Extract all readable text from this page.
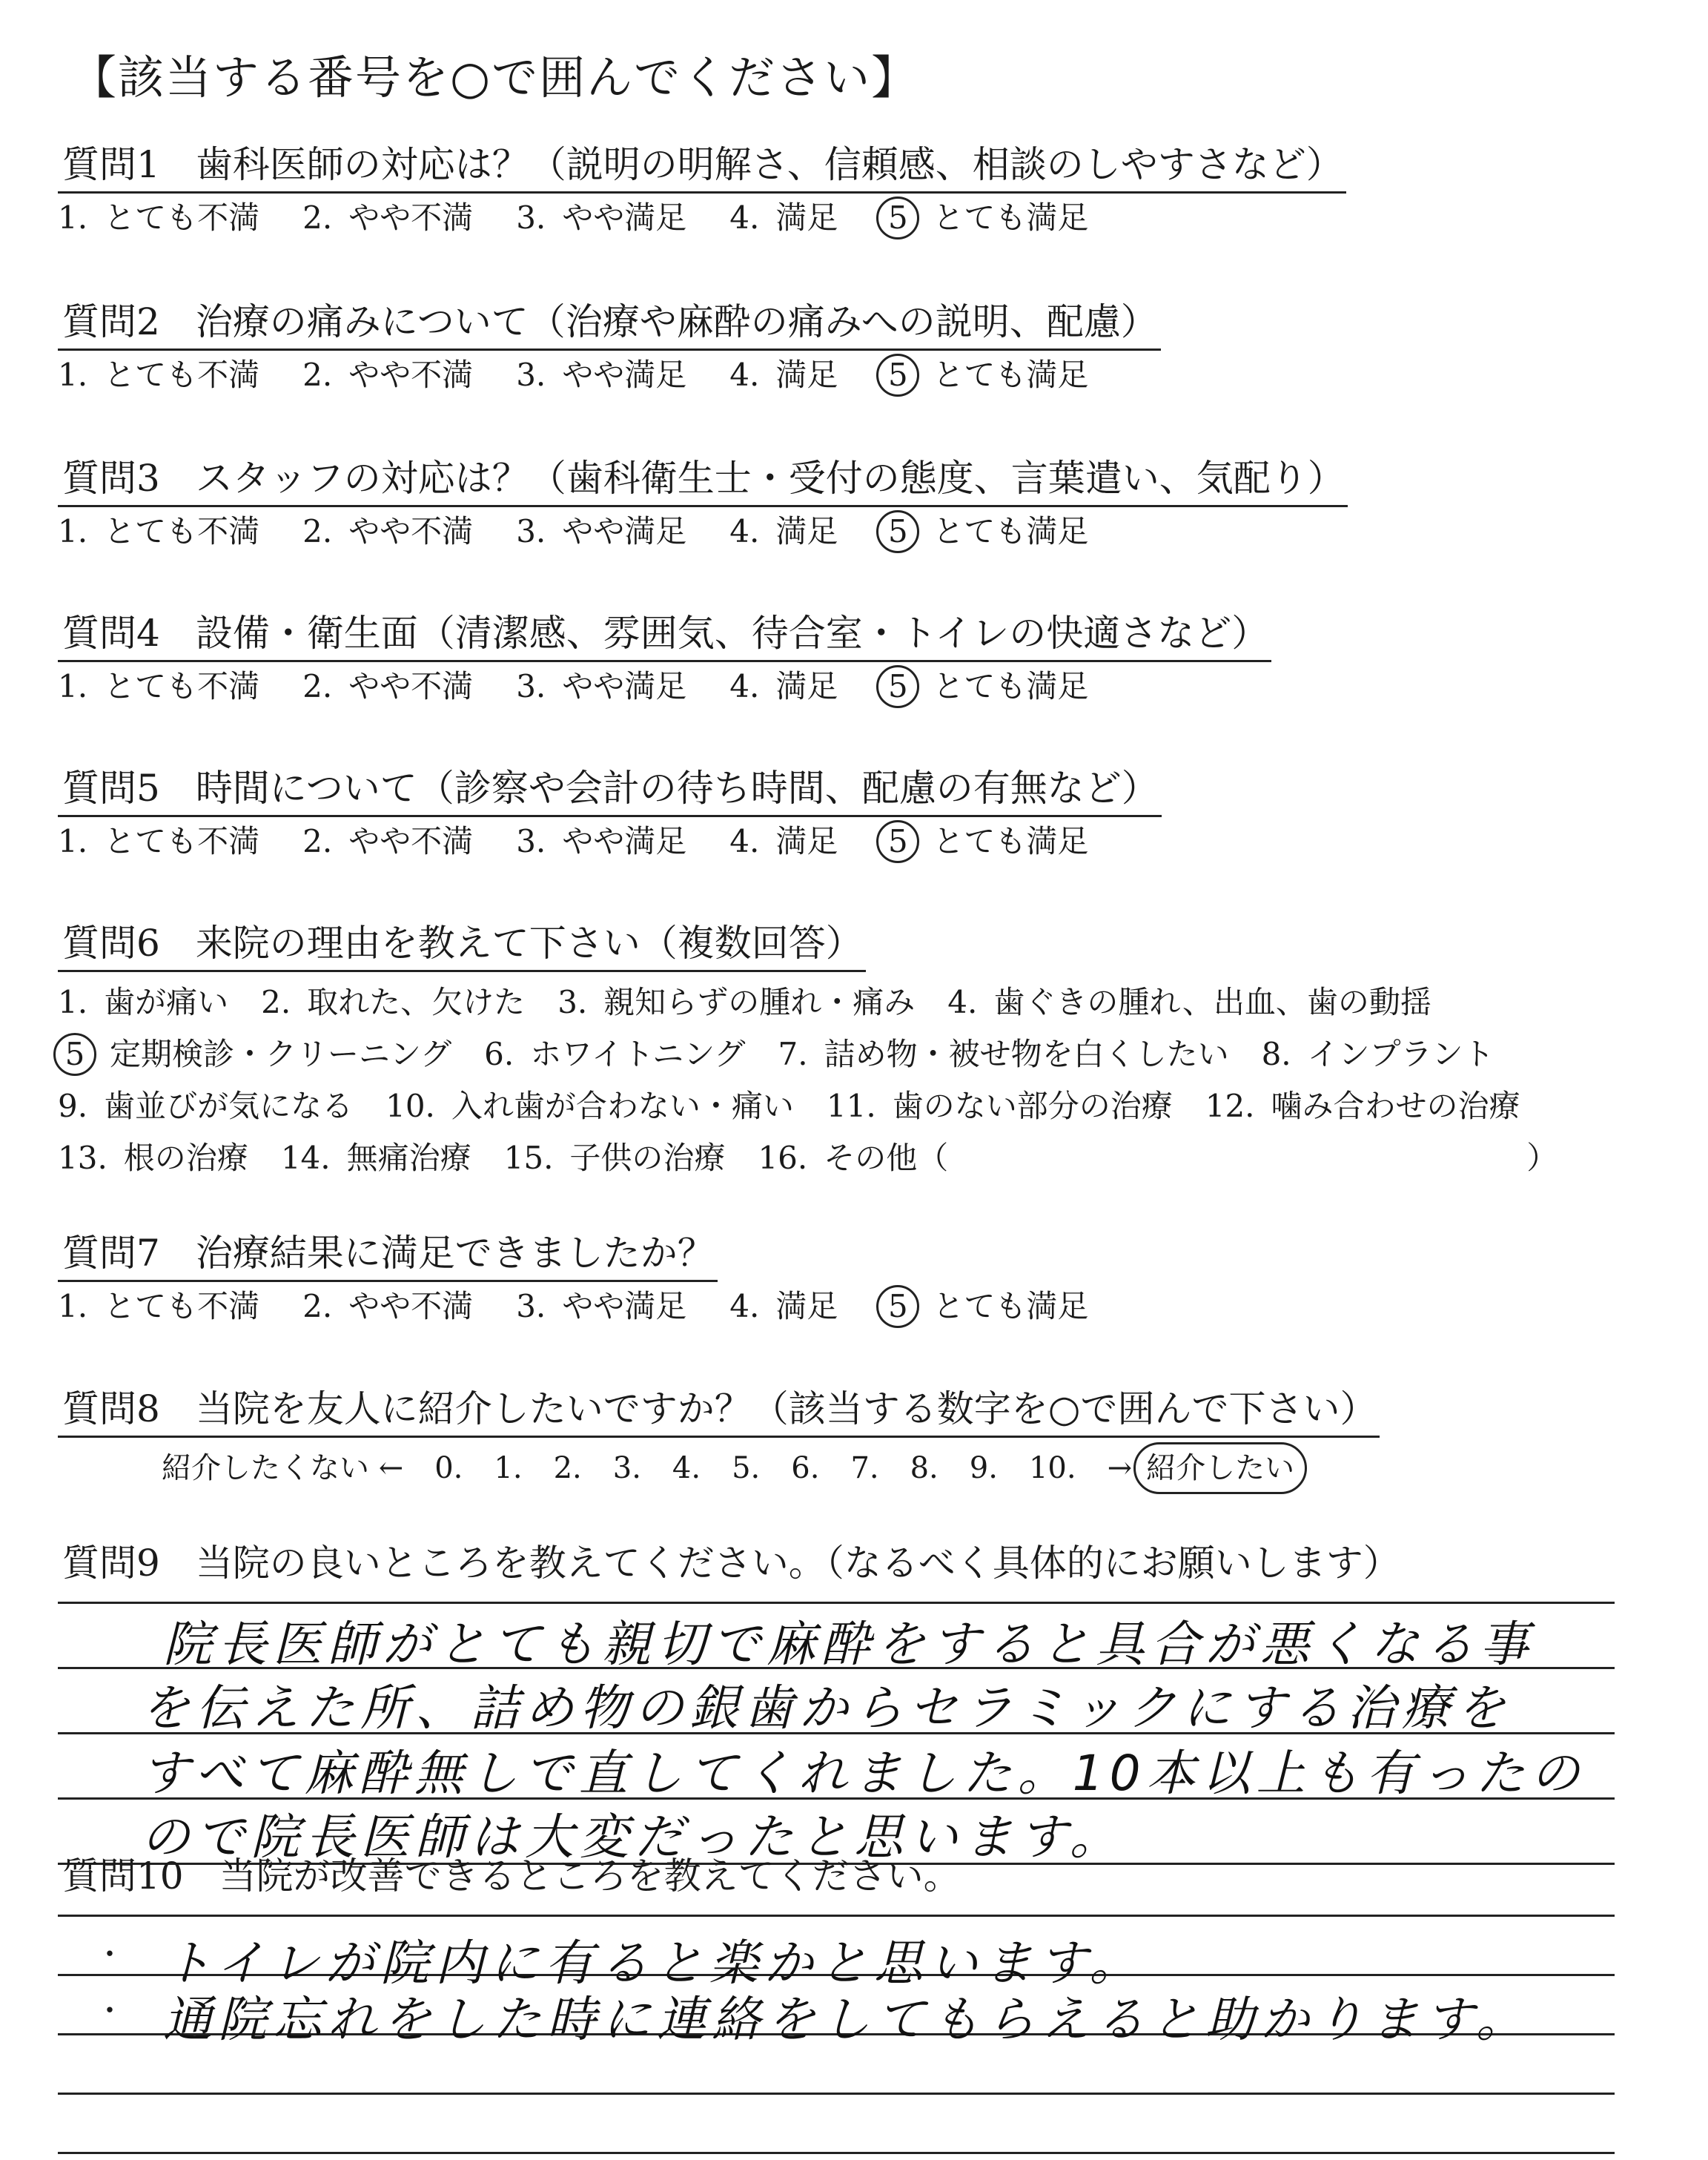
【該当する番号を○で囲んでください】
質問1 歯科医師の対応は？（説明の明解さ、信頼感、相談のしやすさなど）
1. とても不満 2. やや不満 3. やや満足 4. 満足	5 とても満足
質問2 治療の痛みについて（治療や麻酔の痛みへの説明、配慮）
1. とても不満 2. やや不満 3. やや満足 4. 満足	5 とても満足
質問3 スタッフの対応は？（歯科衛生士・受付の態度、言葉遣い、気配り）
1. とても不満 2. やや不満 3. やや満足 4. 満足	5 とても満足
質問4 設備・衛生面（清潔感、雰囲気、待合室・トイレの快適さなど）
1. とても不満 2. やや不満 3. やや満足 4. 満足	5 とても満足
質問5 時間について（診察や会計の待ち時間、配慮の有無など）
1. とても不満 2. やや不満 3. やや満足 4. 満足	5 とても満足
質問6 来院の理由を教えて下さい（複数回答）
1. 歯が痛い 2. 取れた、欠けた 3. 親知らずの腫れ・痛み 4. 歯ぐきの腫れ、出血、歯の動揺
5 定期検診・クリーニング 6. ホワイトニング 7. 詰め物・被せ物を白くしたい 8. インプラント
9. 歯並びが気になる 10. 入れ歯が合わない・痛い 11. 歯のない部分の治療 12. 噛み合わせの治療
13. 根の治療 14. 無痛治療 15. 子供の治療 16. その他（	）
質問7 治療結果に満足できましたか？
1. とても不満 2. やや不満 3. やや満足 4. 満足	5 とても満足
質問8 当院を友人に紹介したいですか？（該当する数字を○で囲んで下さい）
紹介したくない ← 0. 1. 2. 3. 4. 5. 6. 7. 8. 9. 10. → 紹介したい
質問9 当院の良いところを教えてください。（なるべく具体的にお願いします）
院長医師がとても親切で麻酔をすると具合が悪くなる事
を伝えた所、詰め物の銀歯からセラミックにする治療を
すべて麻酔無しで直してくれました。10本以上も有ったの
ので院長医師は大変だったと思います。
質問10 当院が改善できるところを教えてください。
・ トイレが院内に有ると楽かと思います。
・ 通院忘れをした時に連絡をしてもらえると助かります。
